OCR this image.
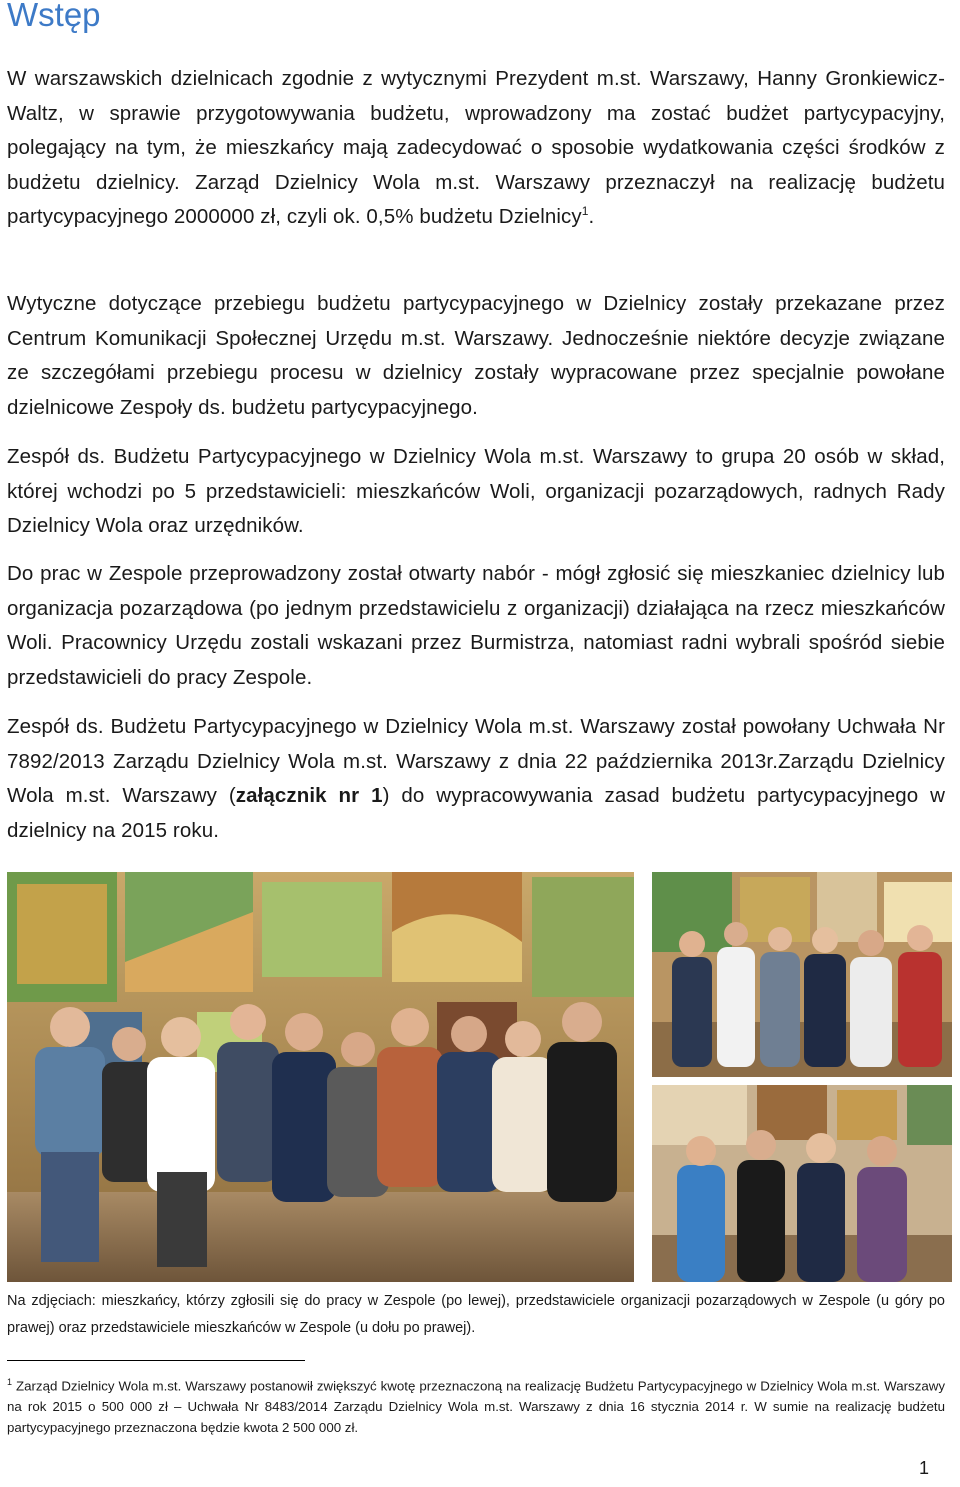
Wstęp
W warszawskich dzielnicach zgodnie z wytycznymi Prezydent m.st. Warszawy, Hanny Gronkiewicz-Waltz, w sprawie przygotowywania budżetu, wprowadzony ma zostać budżet partycypacyjny, polegający na tym, że mieszkańcy mają zadecydować o sposobie wydatkowania części środków z budżetu dzielnicy. Zarząd Dzielnicy Wola m.st. Warszawy przeznaczył na realizację budżetu partycypacyjnego 2000000 zł, czyli ok. 0,5% budżetu Dzielnicy$^1$.
Wytyczne dotyczące przebiegu budżetu partycypacyjnego w Dzielnicy zostały przekazane przez Centrum Komunikacji Społecznej Urzędu m.st. Warszawy. Jednocześnie niektóre decyzje związane ze szczegółami przebiegu procesu w dzielnicy zostały wypracowane przez specjalnie powołane dzielnicowe Zespoły ds. budżetu partycypacyjnego.
Zespół ds. Budżetu Partycypacyjnego w Dzielnicy Wola m.st. Warszawy to grupa 20 osób w skład, której wchodzi po 5 przedstawicieli: mieszkańców Woli, organizacji pozarządowych, radnych Rady Dzielnicy Wola oraz urzędników.
Do prac w Zespole przeprowadzony został otwarty nabór - mógł zgłosić się mieszkaniec dzielnicy lub organizacja pozarządowa (po jednym przedstawicielu z organizacji) działająca na rzecz mieszkańców Woli. Pracownicy Urzędu zostali wskazani przez Burmistrza, natomiast radni wybrali spośród siebie przedstawicieli do pracy Zespole.
Zespół ds. Budżetu Partycypacyjnego w Dzielnicy Wola m.st. Warszawy został powołany Uchwała Nr 7892/2013 Zarządu Dzielnicy Wola m.st. Warszawy z dnia 22 października 2013r.Zarządu Dzielnicy Wola m.st. Warszawy (załącznik nr 1) do wypracowywania zasad budżetu partycypacyjnego w dzielnicy na 2015 roku.
Na zdjęciach: mieszkańcy, którzy zgłosili się do pracy w Zespole (po lewej), przedstawiciele organizacji pozarządowych w Zespole (u góry po prawej) oraz przedstawiciele mieszkańców w Zespole (u dołu po prawej).
$^1$ Zarząd Dzielnicy Wola m.st. Warszawy postanowił zwiększyć kwotę przeznaczoną na realizację Budżetu Partycypacyjnego w Dzielnicy Wola m.st. Warszawy na rok 2015 o 500 000 zł – Uchwała Nr 8483/2014 Zarządu Dzielnicy Wola m.st. Warszawy z dnia 16 stycznia 2014 r. W sumie na realizację budżetu partycypacyjnego przeznaczona będzie kwota 2 500 000 zł.
1
